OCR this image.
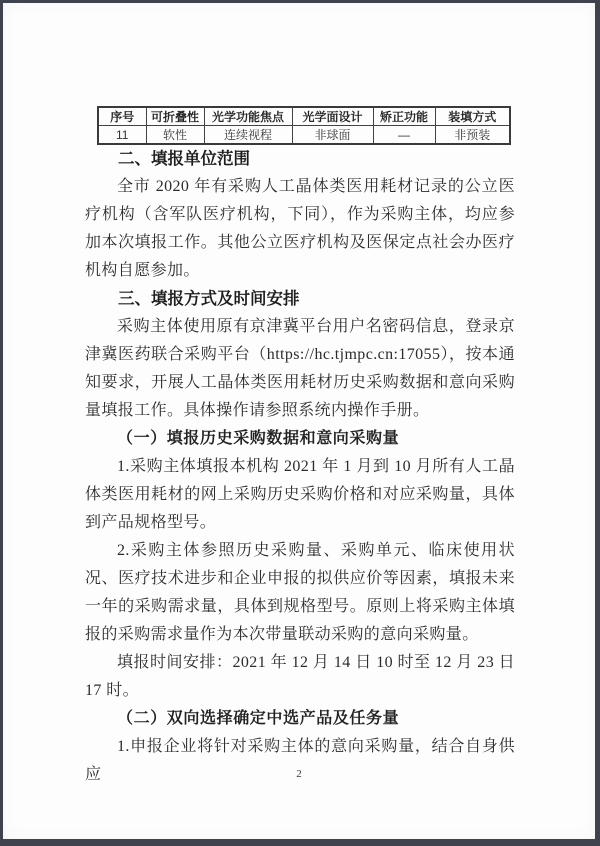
序号	可折叠性	光学功能焦点	光学面设计	矫正功能	装填方式
11	软性	连续视程	非球面	—	非预装

二、填报单位范围

全市 2020 年有采购人工晶体类医用耗材记录的公立医疗机构（含军队医疗机构，下同），作为采购主体，均应参加本次填报工作。其他公立医疗机构及医保定点社会办医疗机构自愿参加。

三、填报方式及时间安排

采购主体使用原有京津冀平台用户名密码信息，登录京津冀医药联合采购平台（https://hc.tjmpc.cn:17055），按本通知要求，开展人工晶体类医用耗材历史采购数据和意向采购量填报工作。具体操作请参照系统内操作手册。

（一）填报历史采购数据和意向采购量

1.采购主体填报本机构 2021 年 1 月到 10 月所有人工晶体类医用耗材的网上采购历史采购价格和对应采购量，具体到产品规格型号。

2.采购主体参照历史采购量、采购单元、临床使用状况、医疗技术进步和企业申报的拟供应价等因素，填报未来一年的采购需求量，具体到规格型号。原则上将采购主体填报的采购需求量作为本次带量联动采购的意向采购量。

填报时间安排：2021 年 12 月 14 日 10 时至 12 月 23 日 17 时。

（二）双向选择确定中选产品及任务量

1.申报企业将针对采购主体的意向采购量，结合自身供应	2
